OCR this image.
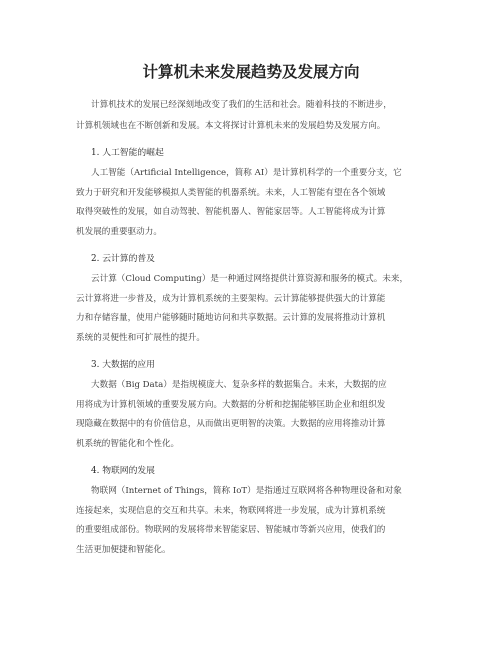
计算机未来发展趋势及发展方向
计算机技术的发展已经深刻地改变了我们的生活和社会。随着科技的不断进步，
计算机领域也在不断创新和发展。本文将探讨计算机未来的发展趋势及发展方向。
1. 人工智能的崛起
人工智能（Artificial Intelligence，简称 AI）是计算机科学的一个重要分支，它
致力于研究和开发能够模拟人类智能的机器系统。未来，人工智能有望在各个领域
取得突破性的发展，如自动驾驶、智能机器人、智能家居等。人工智能将成为计算
机发展的重要驱动力。
2. 云计算的普及
云计算（Cloud Computing）是一种通过网络提供计算资源和服务的模式。未来，
云计算将进一步普及，成为计算机系统的主要架构。云计算能够提供强大的计算能
力和存储容量，使用户能够随时随地访问和共享数据。云计算的发展将推动计算机
系统的灵便性和可扩展性的提升。
3. 大数据的应用
大数据（Big Data）是指规模庞大、复杂多样的数据集合。未来，大数据的应
用将成为计算机领域的重要发展方向。大数据的分析和挖掘能够匡助企业和组织发
现隐藏在数据中的有价值信息，从而做出更明智的决策。大数据的应用将推动计算
机系统的智能化和个性化。
4. 物联网的发展
物联网（Internet of Things，简称 IoT）是指通过互联网将各种物理设备和对象
连接起来，实现信息的交互和共享。未来，物联网将进一步发展，成为计算机系统
的重要组成部份。物联网的发展将带来智能家居、智能城市等新兴应用，使我们的
生活更加便捷和智能化。
